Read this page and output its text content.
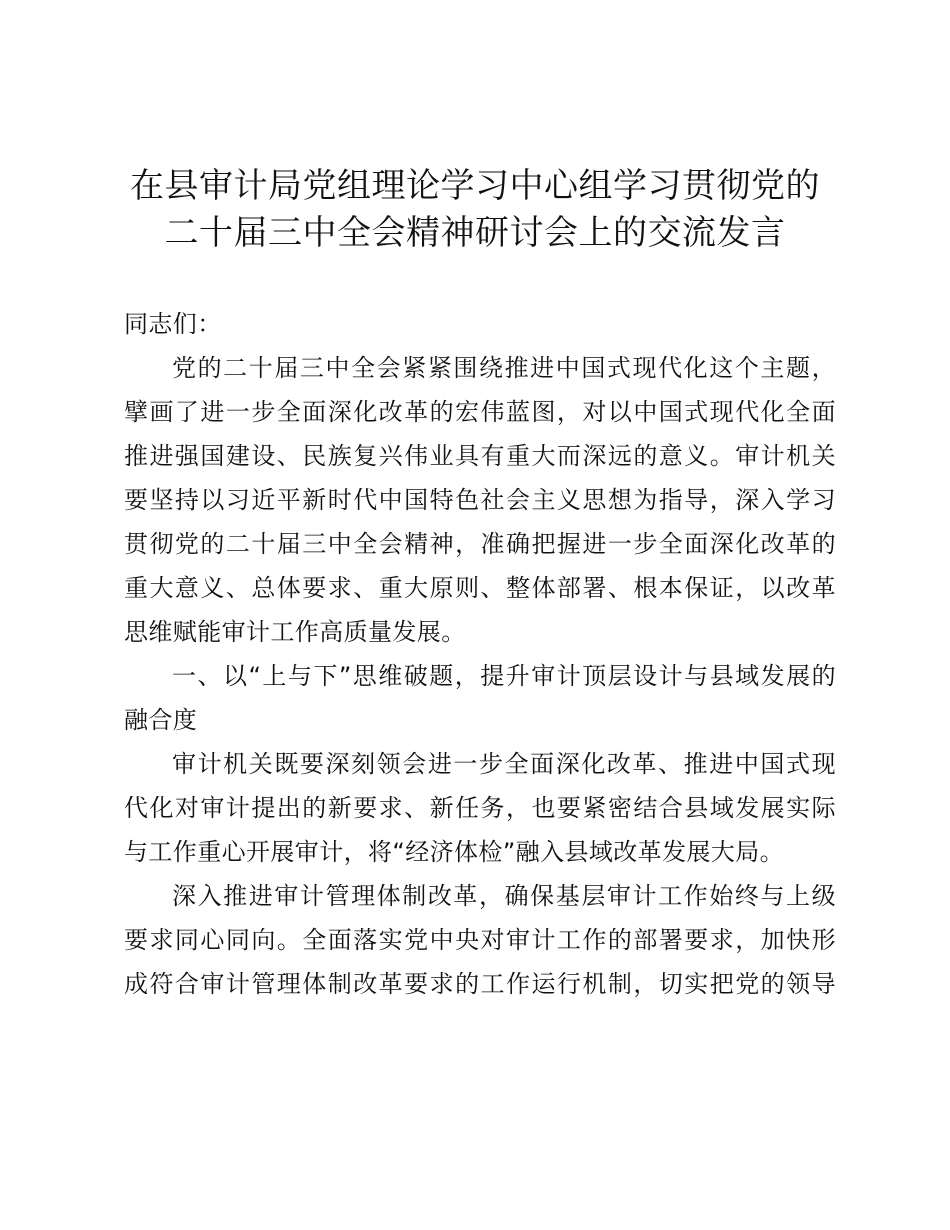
在县审计局党组理论学习中心组学习贯彻党的
二十届三中全会精神研讨会上的交流发言
同志们：
党的二十届三中全会紧紧围绕推进中国式现代化这个主题，
擘画了进一步全面深化改革的宏伟蓝图，对以中国式现代化全面
推进强国建设、民族复兴伟业具有重大而深远的意义。审计机关
要坚持以习近平新时代中国特色社会主义思想为指导，深入学习
贯彻党的二十届三中全会精神，准确把握进一步全面深化改革的
重大意义、总体要求、重大原则、整体部署、根本保证，以改革
思维赋能审计工作高质量发展。
一、以“上与下”思维破题，提升审计顶层设计与县域发展的
融合度
审计机关既要深刻领会进一步全面深化改革、推进中国式现
代化对审计提出的新要求、新任务，也要紧密结合县域发展实际
与工作重心开展审计，将“经济体检”融入县域改革发展大局。
深入推进审计管理体制改革，确保基层审计工作始终与上级
要求同心同向。全面落实党中央对审计工作的部署要求，加快形
成符合审计管理体制改革要求的工作运行机制，切实把党的领导
